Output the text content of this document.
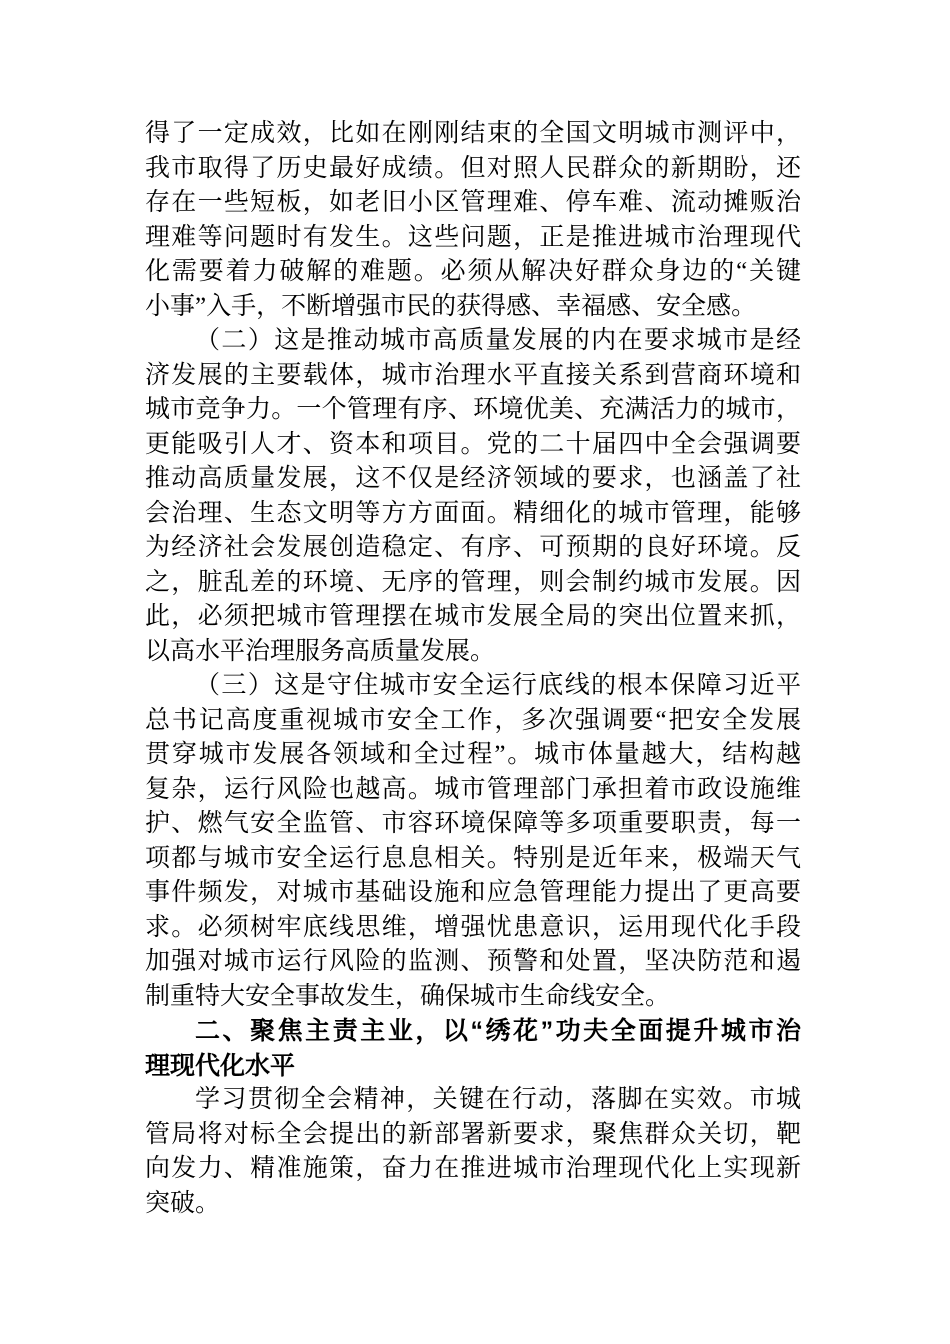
得了一定成效，比如在刚刚结束的全国文明城市测评中，
我市取得了历史最好成绩。但对照人民群众的新期盼，还
存在一些短板，如老旧小区管理难、停车难、流动摊贩治
理难等问题时有发生。这些问题，正是推进城市治理现代
化需要着力破解的难题。必须从解决好群众身边的“关键
小事”入手，不断增强市民的获得感、幸福感、安全感。
（二）这是推动城市高质量发展的内在要求城市是经
济发展的主要载体，城市治理水平直接关系到营商环境和
城市竞争力。一个管理有序、环境优美、充满活力的城市，
更能吸引人才、资本和项目。党的二十届四中全会强调要
推动高质量发展，这不仅是经济领域的要求，也涵盖了社
会治理、生态文明等方方面面。精细化的城市管理，能够
为经济社会发展创造稳定、有序、可预期的良好环境。反
之，脏乱差的环境、无序的管理，则会制约城市发展。因
此，必须把城市管理摆在城市发展全局的突出位置来抓，
以高水平治理服务高质量发展。
（三）这是守住城市安全运行底线的根本保障习近平
总书记高度重视城市安全工作，多次强调要“把安全发展
贯穿城市发展各领域和全过程”。城市体量越大，结构越
复杂，运行风险也越高。城市管理部门承担着市政设施维
护、燃气安全监管、市容环境保障等多项重要职责，每一
项都与城市安全运行息息相关。特别是近年来，极端天气
事件频发，对城市基础设施和应急管理能力提出了更高要
求。必须树牢底线思维，增强忧患意识，运用现代化手段
加强对城市运行风险的监测、预警和处置，坚决防范和遏
制重特大安全事故发生，确保城市生命线安全。
二、聚焦主责主业，以“绣花”功夫全面提升城市治
理现代化水平
学习贯彻全会精神，关键在行动，落脚在实效。市城
管局将对标全会提出的新部署新要求，聚焦群众关切，靶
向发力、精准施策，奋力在推进城市治理现代化上实现新
突破。
